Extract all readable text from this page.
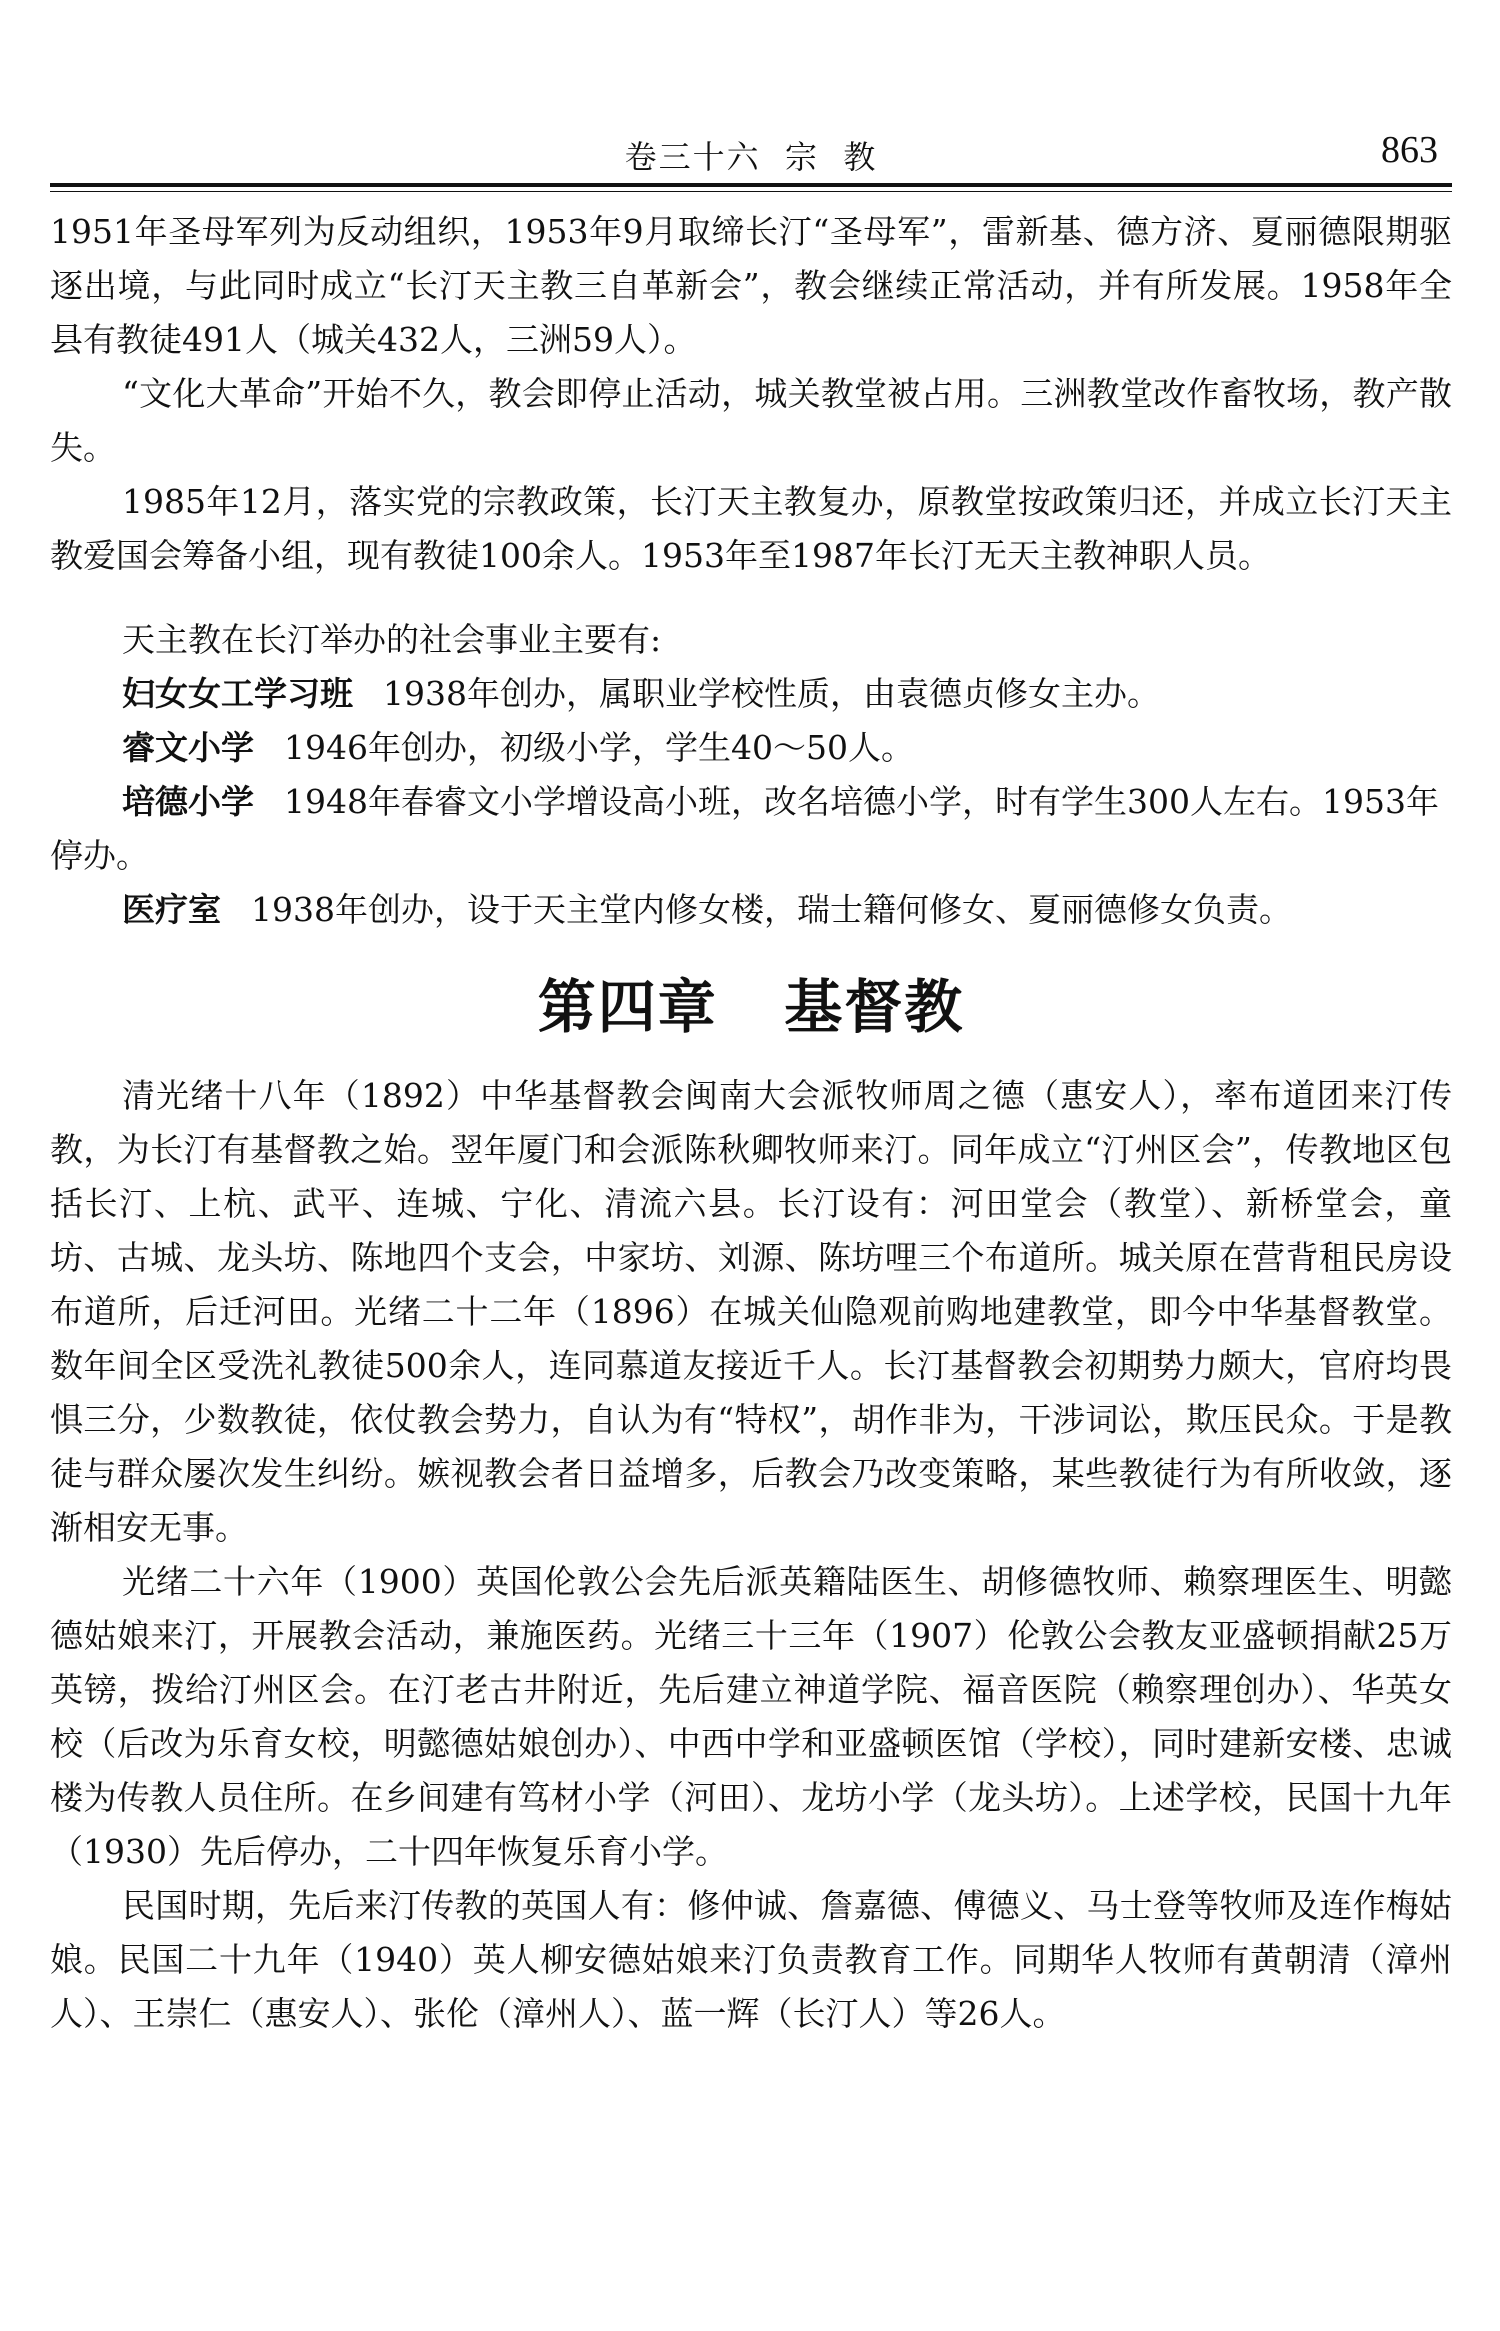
卷三十六  宗  教	863

1951年圣母军列为反动组织，1953年9月取缔长汀“圣母军”，雷新基、德方济、夏丽德限期驱逐出境，与此同时成立“长汀天主教三自革新会”，教会继续正常活动，并有所发展。1958年全县有教徒491人（城关432人，三洲59人）。

“文化大革命”开始不久，教会即停止活动，城关教堂被占用。三洲教堂改作畜牧场，教产散失。

1985年12月，落实党的宗教政策，长汀天主教复办，原教堂按政策归还，并成立长汀天主教爱国会筹备小组，现有教徒100余人。1953年至1987年长汀无天主教神职人员。

天主教在长汀举办的社会事业主要有:

妇女女工学习班 1938年创办，属职业学校性质，由袁德贞修女主办。

睿文小学 1946年创办，初级小学，学生40～50人。

培德小学 1948年春睿文小学增设高小班，改名培德小学，时有学生300人左右。1953年停办。

医疗室 1938年创办，设于天主堂内修女楼，瑞士籍何修女、夏丽德修女负责。

第四章   基督教

清光绪十八年（1892）中华基督教会闽南大会派牧师周之德（惠安人），率布道团来汀传教，为长汀有基督教之始。翌年厦门和会派陈秋卿牧师来汀。同年成立“汀州区会”，传教地区包括长汀、上杭、武平、连城、宁化、清流六县。长汀设有：河田堂会（教堂）、新桥堂会，童坊、古城、龙头坊、陈地四个支会，中家坊、刘源、陈坊哩三个布道所。城关原在营背租民房设布道所，后迁河田。光绪二十二年（1896）在城关仙隐观前购地建教堂，即今中华基督教堂。数年间全区受洗礼教徒500余人，连同慕道友接近千人。长汀基督教会初期势力颇大，官府均畏惧三分，少数教徒，依仗教会势力，自认为有“特权”，胡作非为，干涉词讼，欺压民众。于是教徒与群众屡次发生纠纷。嫉视教会者日益增多，后教会乃改变策略，某些教徒行为有所收敛，逐渐相安无事。

光绪二十六年（1900）英国伦敦公会先后派英籍陆医生、胡修德牧师、赖察理医生、明懿德姑娘来汀，开展教会活动，兼施医药。光绪三十三年（1907）伦敦公会教友亚盛顿捐献25万英镑，拨给汀州区会。在汀老古井附近，先后建立神道学院、福音医院（赖察理创办）、华英女校（后改为乐育女校，明懿德姑娘创办）、中西中学和亚盛顿医馆（学校），同时建新安楼、忠诚楼为传教人员住所。在乡间建有笃材小学（河田）、龙坊小学（龙头坊）。上述学校，民国十九年（1930）先后停办，二十四年恢复乐育小学。

民国时期，先后来汀传教的英国人有：修仲诚、詹嘉德、傅德义、马士登等牧师及连作梅姑娘。民国二十九年（1940）英人柳安德姑娘来汀负责教育工作。同期华人牧师有黄朝清（漳州人）、王崇仁（惠安人）、张伦（漳州人）、蓝一辉（长汀人）等26人。
